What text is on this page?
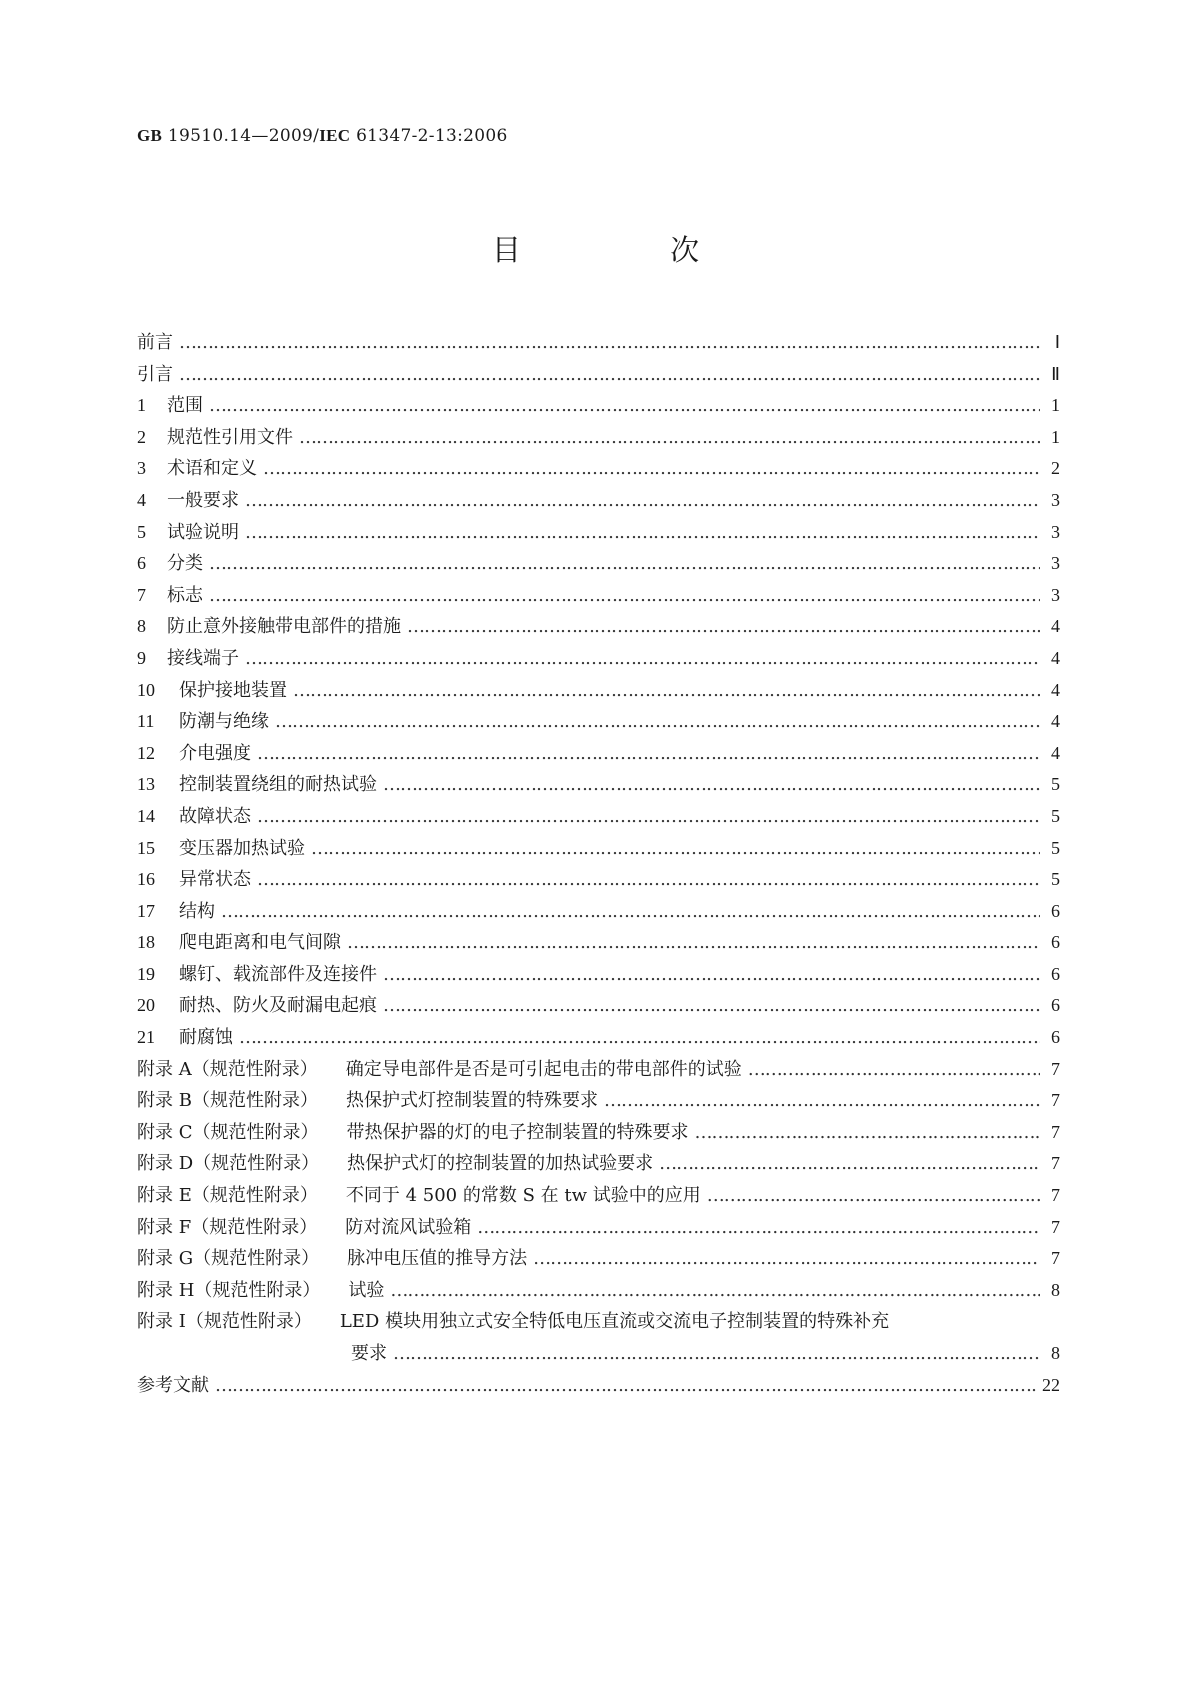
GB 19510.14—2009/IEC 61347-2-13:2006
目 次
前言 ……………………………………………………………………………………………………………………………………………………………………………………………………	Ⅰ
引言 ……………………………………………………………………………………………………………………………………………………………………………………………………	Ⅱ
1	范围 ……………………………………………………………………………………………………………………………………………………………………………………………………	1
2	规范性引用文件 ……………………………………………………………………………………………………………………………………………………………………………………………………	1
3	术语和定义 ……………………………………………………………………………………………………………………………………………………………………………………………………	2
4	一般要求 ……………………………………………………………………………………………………………………………………………………………………………………………………	3
5	试验说明 ……………………………………………………………………………………………………………………………………………………………………………………………………	3
6	分类 ……………………………………………………………………………………………………………………………………………………………………………………………………	3
7	标志 ……………………………………………………………………………………………………………………………………………………………………………………………………	3
8	防止意外接触带电部件的措施 ……………………………………………………………………………………………………………………………………………………………………………………………………	4
9	接线端子 ……………………………………………………………………………………………………………………………………………………………………………………………………	4
10	保护接地装置 ……………………………………………………………………………………………………………………………………………………………………………………………………	4
11	防潮与绝缘 ……………………………………………………………………………………………………………………………………………………………………………………………………	4
12	介电强度 ……………………………………………………………………………………………………………………………………………………………………………………………………	4
13	控制装置绕组的耐热试验 ……………………………………………………………………………………………………………………………………………………………………………………………………	5
14	故障状态 ……………………………………………………………………………………………………………………………………………………………………………………………………	5
15	变压器加热试验 ……………………………………………………………………………………………………………………………………………………………………………………………………	5
16	异常状态 ……………………………………………………………………………………………………………………………………………………………………………………………………	5
17	结构 ……………………………………………………………………………………………………………………………………………………………………………………………………	6
18	爬电距离和电气间隙 ……………………………………………………………………………………………………………………………………………………………………………………………………	6
19	螺钉、载流部件及连接件 ……………………………………………………………………………………………………………………………………………………………………………………………………	6
20	耐热、防火及耐漏电起痕 ……………………………………………………………………………………………………………………………………………………………………………………………………	6
21	耐腐蚀 ……………………………………………………………………………………………………………………………………………………………………………………………………	6
附录 A（规范性附录） 确定导电部件是否是可引起电击的带电部件的试验 ……………………………………………………………………………………………………………………………………………………………………………………………………	7
附录 B（规范性附录） 热保护式灯控制装置的特殊要求 ……………………………………………………………………………………………………………………………………………………………………………………………………	7
附录 C（规范性附录） 带热保护器的灯的电子控制装置的特殊要求 ……………………………………………………………………………………………………………………………………………………………………………………………………	7
附录 D（规范性附录） 热保护式灯的控制装置的加热试验要求 ……………………………………………………………………………………………………………………………………………………………………………………………………	7
附录 E（规范性附录） 不同于 4 500 的常数 S 在 tw 试验中的应用 ……………………………………………………………………………………………………………………………………………………………………………………………………	7
附录 F（规范性附录） 防对流风试验箱 ……………………………………………………………………………………………………………………………………………………………………………………………………	7
附录 G（规范性附录） 脉冲电压值的推导方法 ……………………………………………………………………………………………………………………………………………………………………………………………………	7
附录 H（规范性附录） 试验 ……………………………………………………………………………………………………………………………………………………………………………………………………	8
附录 I（规范性附录） LED 模块用独立式安全特低电压直流或交流电子控制装置的特殊补充
要求 ……………………………………………………………………………………………………………………………………………………………………………………………………	8
参考文献 ……………………………………………………………………………………………………………………………………………………………………………………………………	22
